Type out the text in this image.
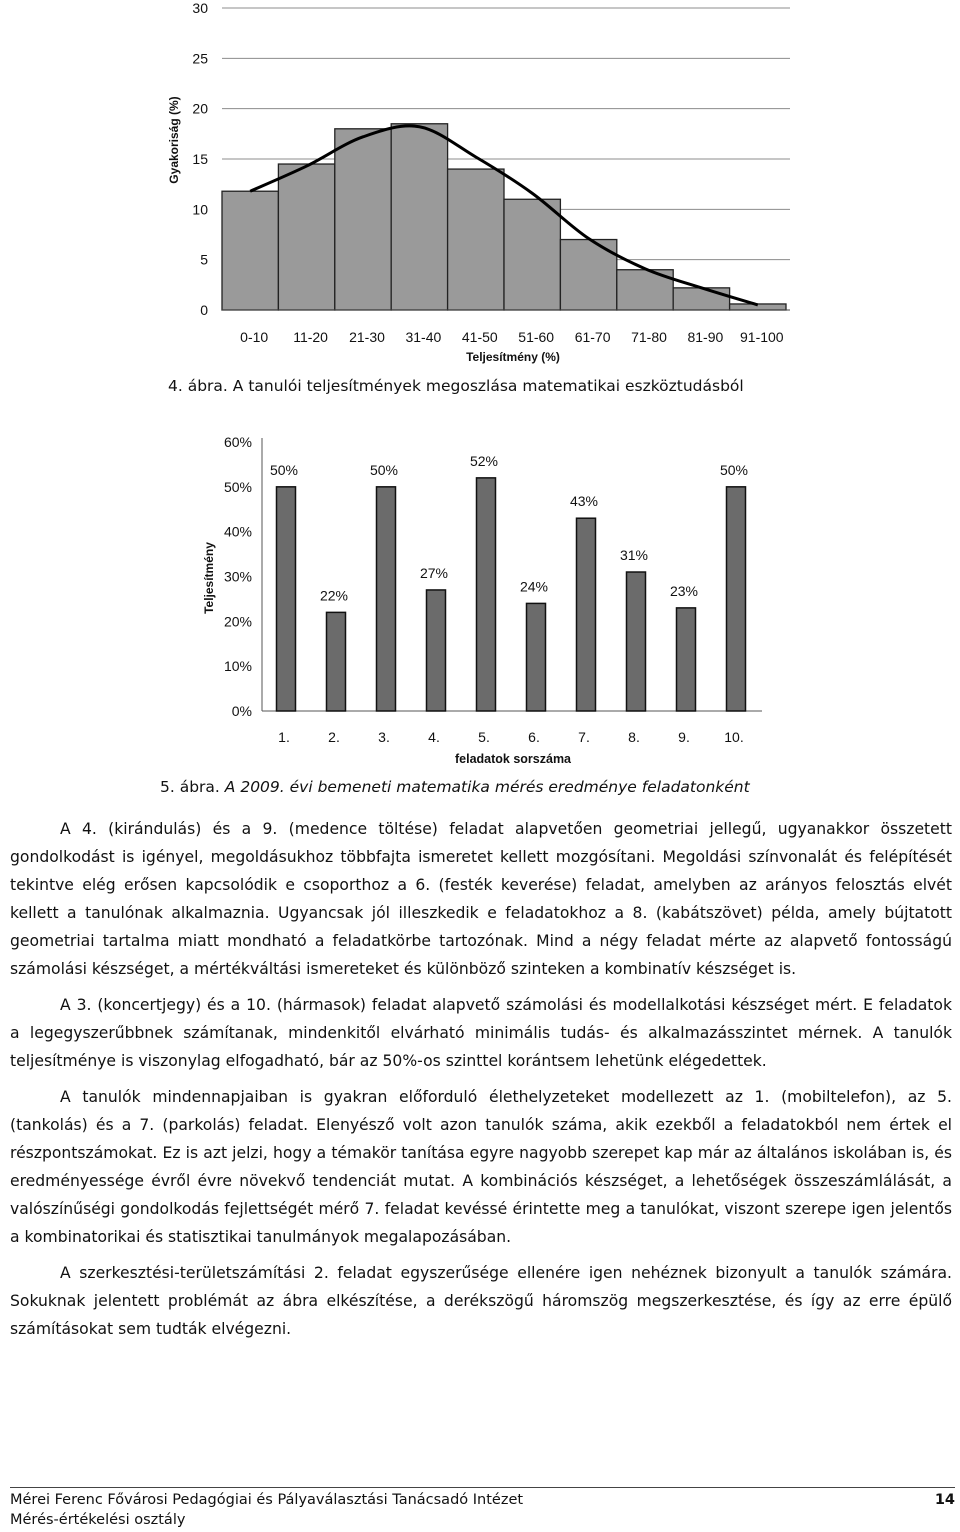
0
5
10
15
20
25
30
Gyakoriság (%)
0-10 11-20 21-30 31-40 41-50 51-60 61-70 71-80 81-90 91-100
Teljesítmény (%)
4. ábra. A tanulói teljesítmények megoszlása matematikai eszköztudásból
0%
10%
20%
30%
40%
50%
60%
Teljesítmény
50%
1.
22%
2.
50%
3.
27%
4.
52%
5.
24%
6.
43%
7.
31%
8.
23%
9.
50%
10.
feladatok sorszáma
5. ábra. A 2009. évi bemeneti matematika mérés eredménye feladatonként

A 4. (kirándulás) és a 9. (medence töltése) feladat alapvetően geometriai jellegű, ugyanakkor összetett gondolkodást is igényel, megoldásukhoz többfajta ismeretet kellett mozgósítani. Megoldási színvonalát és felépítését tekintve elég erősen kapcsolódik e csoporthoz a 6. (festék keverése) feladat, amelyben az arányos felosztás elvét kellett a tanulónak alkalmaznia. Ugyancsak jól illeszkedik e feladatokhoz a 8. (kabátszövet) példa, amely bújtatott geometriai tartalma miatt mondható a feladatkörbe tartozónak. Mind a négy feladat mérte az alapvető fontosságú számolási készséget, a mértékváltási ismereteket és különböző szinteken a kombinatív készséget is.

A 3. (koncertjegy) és a 10. (hármasok) feladat alapvető számolási és modellalkotási készséget mért. E feladatok a legegyszerűbbnek számítanak, mindenkitől elvárható minimális tudás- és alkalmazásszintet mérnek. A tanulók teljesítménye is viszonylag elfogadható, bár az 50%-os szinttel korántsem lehetünk elégedettek.

A tanulók mindennapjaiban is gyakran előforduló élethelyzeteket modellezett az 1. (mobiltelefon), az 5. (tankolás) és a 7. (parkolás) feladat. Elenyésző volt azon tanulók száma, akik ezekből a feladatokból nem értek el részpontszámokat. Ez is azt jelzi, hogy a témakör tanítása egyre nagyobb szerepet kap már az általános iskolában is, és eredményessége évről évre növekvő tendenciát mutat. A kombinációs készséget, a lehetőségek összeszámlálását, a valószínűségi gondolkodás fejlettségét mérő 7. feladat kevéssé érintette meg a tanulókat, viszont szerepe igen jelentős a kombinatorikai és statisztikai tanulmányok megalapozásában.

A szerkesztési-területszámítási 2. feladat egyszerűsége ellenére igen nehéznek bizonyult a tanulók számára. Sokuknak jelentett problémát az ábra elkészítése, a derékszögű háromszög megszerkesztése, és így az erre épülő számításokat sem tudták elvégezni.

Mérei Ferenc Fővárosi Pedagógiai és Pályaválasztási Tanácsadó Intézet
Mérés-értékelési osztály
14
